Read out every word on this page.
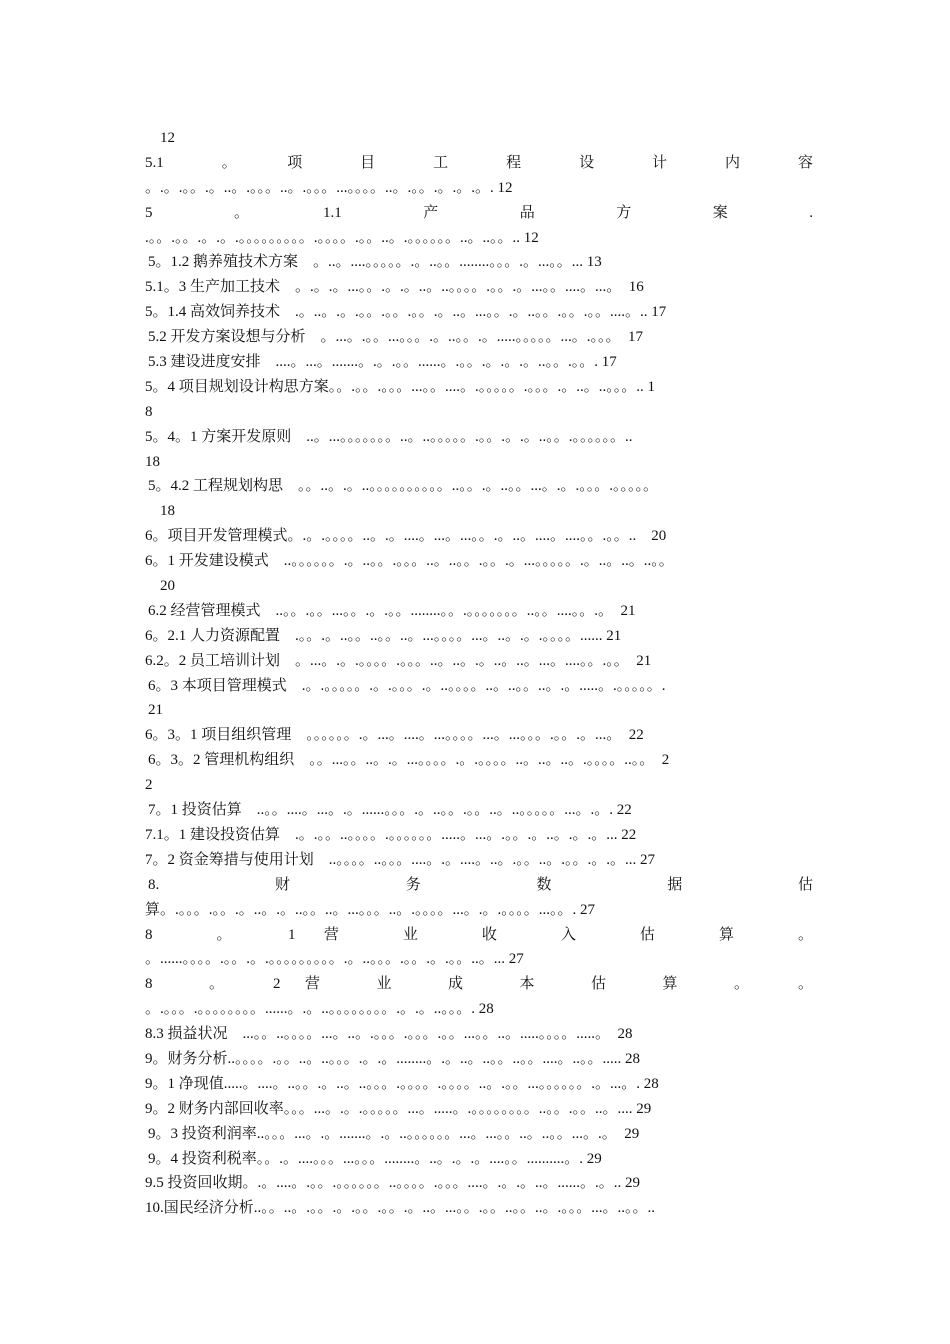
12
5.1　。　项　目　工　程　设　计　内　容
。.。.。。.。..。.。。。..。.。。。...。。。。..。.。。.。.。.。. 12
5　。　1.1　产　品　方　案　.
.。。.。。.。.。.。。。。。。。。。.。。。。.。。..。.。。。。。。..。..。。.. 12
5。1.2 鹅养殖技术方案　。..。....。。。。。.。..。。........。。。.。...。。... 13
5.1。3 生产加工技术　。.。.。...。。.。.。..。..。。。。.。。.。...。。....。...。　16
5。1.4 高效饲养技术　.。..。.。.。。.。。.。。.。..。...。。.。..。。.。。.。。....。.. 17
5.2 开发方案设想与分析　。...。.。。...。。。.。..。。.。.....。。。。。...。.。。。　17
5.3 建设进度安排　....。...。.......。.。.。。......。.。。.。.。.。..。。.。。. 17
5。4 项目规划设计构思方案。。.。。.。。。...。。....。.。。。。。.。。。.。..。..。。。.. 1
8
5。4。1 方案开发原则　..。...。。。。。。。..。..。。。。。.。。.。.。..。。.。。。。。。..
18
5。4.2 工程规划构思　。。..。.。..。。。。。。。。。。..。。.。..。。...。.。.。。。.。。。。。
18
6。项目开发管理模式。.。.。。。。..。.。....。...。...。。.。..。....。....。。.。。..　20
6。1 开发建设模式　..。。。。。。.。..。。.。。。..。..。。.。。.。...。。。。。.。..。..。..。。
20
6.2 经营管理模式　..。。.。。...。。.。.。。........。。.。。。。。。。..。。....。。.。　21
6。2.1 人力资源配置　.。。.。..。。..。。..。...。。。。...。..。.。.。。。。...... 21
6.2。2 员工培训计划　。...。.。.。。。。.。。。..。..。.。..。..。...。....。。.。。　21
6。3 本项目管理模式　.。.。。。。。.。.。。。.。..。。。。..。..。。..。.。.....。.。。。。。.
21
6。3。1 项目组织管理　。。。。。。.。...。....。...。。。。...。...。。。.。。.。...。　22
6。3。2 管理机构组织　。。...。。..。.。...。。。。.。.。。。。..。..。..。.。。。。..。。　2
2
7。1 投资估算　..。。....。...。.。......。。。.。..。。.。。..。..。。。。。...。.。. 22
7.1。1 建设投资估算　.。.。。..。。。。.。。。。。。.....。...。.。。.。..。.。.。... 22
7。2 资金筹措与使用计划　..。。。。..。。。....。.。....。..。.。。..。.。。.。.。... 27
8.　财　务　数　据　估
算。.。。。.。。.。..。.。..。。..。...。。。..。.。。。。...。.。.。。。。...。。. 27
8　。　1 营　业　收　入　估　算　。
。......。。。。.。。.。.。。。。。。。。。.。..。。。.。。.。.。。..。... 27
8　。　2 营　业　成　本　估　算　。　。
。.。。。.。。。。。。。。......。.。..。。。。。。。。.。.。..。。。. 28
8.3 损益状况　...。。..。。。。...。..。.。。。.。。。.。。...。。..。.....。。。。.....。　28
9。财务分析..。。。。.。。..。..。。。.。.。........。.。..。..。。..。。....。..。。..... 28
9。1 净现值.....。....。..。。.。..。..。。。.。。。。.。。。。..。.。。...。。。。。。.。...。. 28
9。2 财务内部回收率。。。...。.。.。。。。。...。.....。.。。。。。。。。..。。.。。..。.... 29
9。3 投资利润率..。。。...。.。.......。.。..。。。。。。...。...。。..。..。。...。.。　29
9。4 投资利税率。。.。....。。。...。。。........。..。.。.。....。。..........。. 29
9.5 投资回收期。.。....。.。。.。。。。。。..。。。。.。。。....。.。.。..。......。.。.. 29
10.国民经济分析..。。..。.。。.。.。。.。。.。..。...。。.。。..。。..。.。。。...。..。。..
